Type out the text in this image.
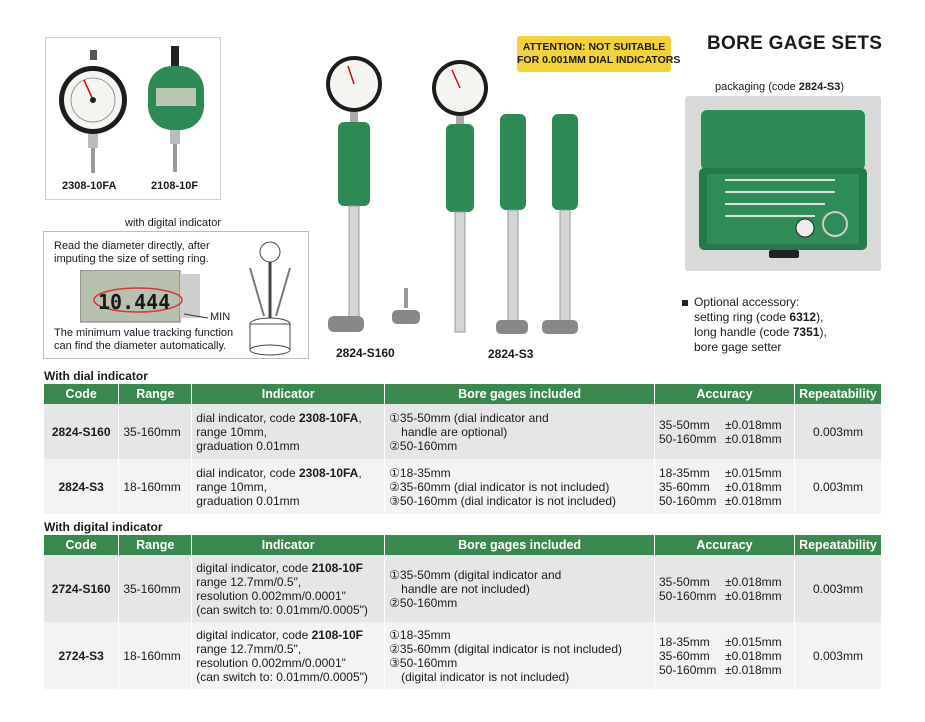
BORE GAGE SETS
ATTENTION: NOT SUITABLE
FOR 0.001MM DIAL INDICATORS
2308-10FA	2108-10F
with digital indicator
Read the diameter directly, after
imputing the size of setting ring.
10.444
MIN
The minimum value tracking function
can find the diameter automatically.	2824-S160	2824-S3
packaging (code 2824-S3)
Optional accessory:
setting ring (code 6312),
long handle (code 7351),
bore gage setter
With dial indicator
Code	Range	Indicator	Bore gages included	Accuracy	Repeatability
2824-S160	35-160mm	dial indicator, code 2308-10FA,
range 10mm,
graduation 0.01mm	①35-50mm (dial indicator and
handle are optional)
②50-160mm	35-50mm ±0.018mm
50-160mm ±0.018mm	0.003mm
2824-S3	18-160mm	dial indicator, code 2308-10FA,
range 10mm,
graduation 0.01mm	①18-35mm
②35-60mm (dial indicator is not included)
③50-160mm (dial indicator is not included)	18-35mm ±0.015mm
35-60mm ±0.018mm
50-160mm ±0.018mm	0.003mm
With digital indicator
Code	Range	Indicator	Bore gages included	Accuracy	Repeatability
2724-S160	35-160mm	digital indicator, code 2108-10F
range 12.7mm/0.5",
resolution 0.002mm/0.0001"
(can switch to: 0.01mm/0.0005")	①35-50mm (digital indicator and
handle are not included)
②50-160mm	35-50mm ±0.018mm
50-160mm ±0.018mm	0.003mm
2724-S3	18-160mm	digital indicator, code 2108-10F
range 12.7mm/0.5",
resolution 0.002mm/0.0001"
(can switch to: 0.01mm/0.0005")	①18-35mm
②35-60mm (digital indicator is not included)
③50-160mm
(digital indicator is not included)	18-35mm ±0.015mm
35-60mm ±0.018mm
50-160mm ±0.018mm	0.003mm
